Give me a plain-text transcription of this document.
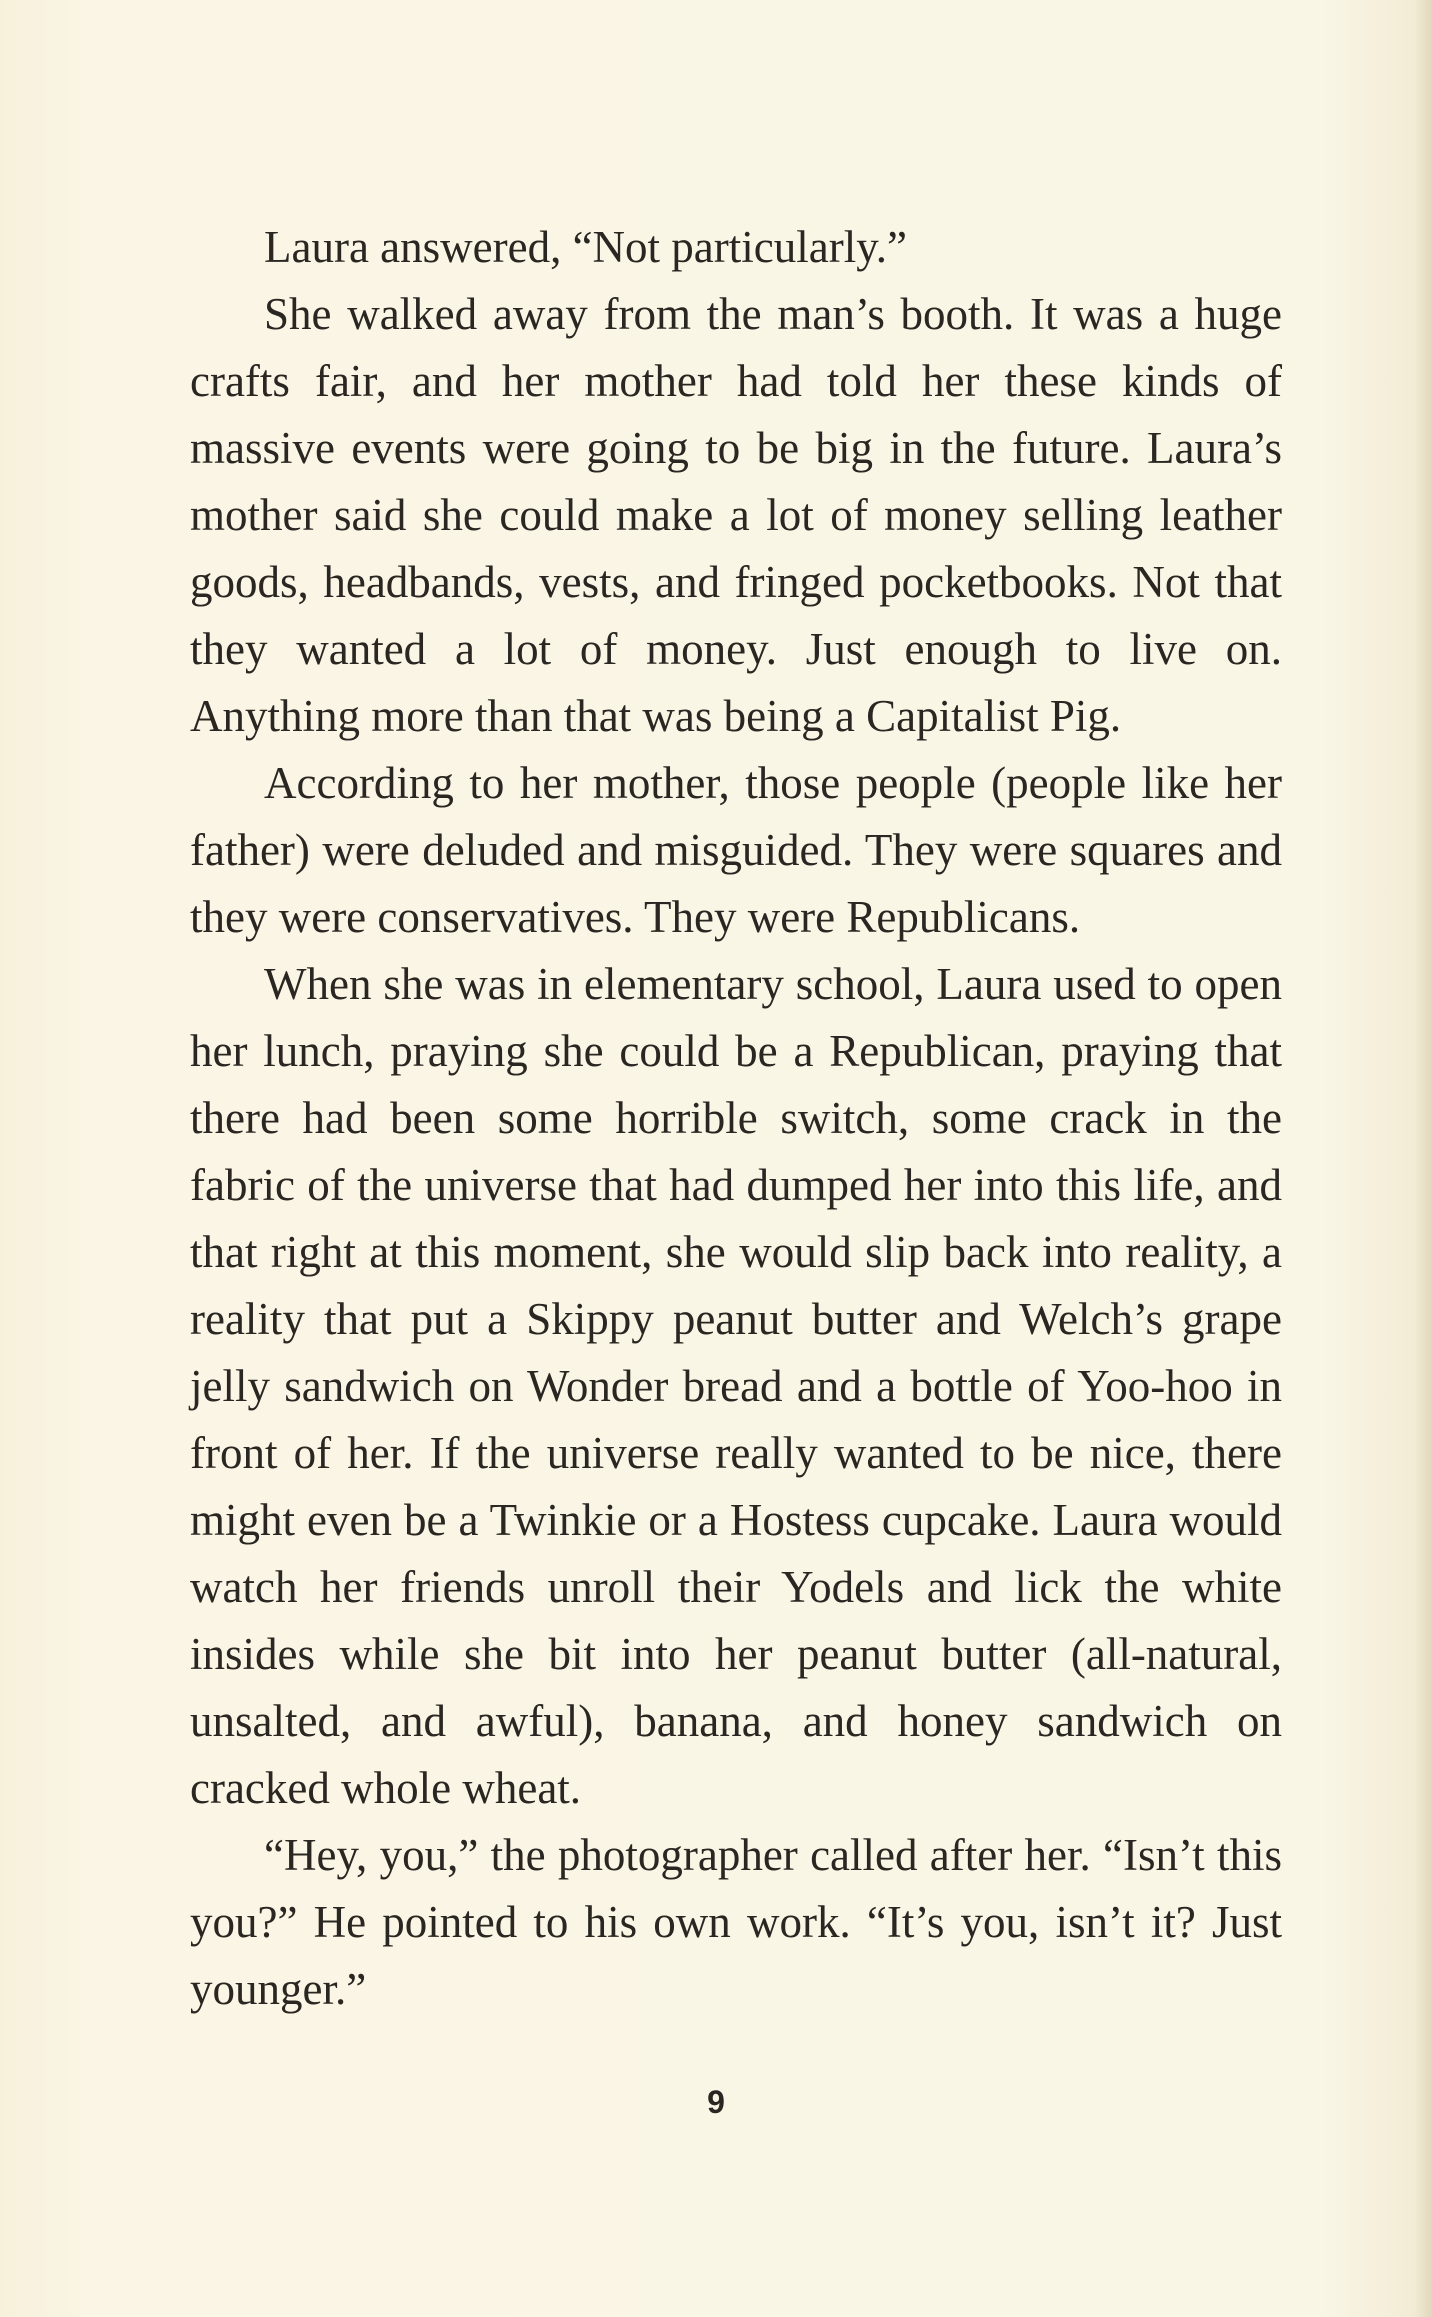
Laura answered, “Not particularly.”

She walked away from the man’s booth. It was a huge crafts fair, and her mother had told her these kinds of massive events were going to be big in the future. Laura’s mother said she could make a lot of money selling leather goods, headbands, vests, and fringed pocketbooks. Not that they wanted a lot of money. Just enough to live on. Anything more than that was being a Capitalist Pig.

According to her mother, those people (people like her father) were deluded and misguided. They were squares and they were conservatives. They were Republicans.

When she was in elementary school, Laura used to open her lunch, praying she could be a Republican, praying that there had been some horrible switch, some crack in the fabric of the universe that had dumped her into this life, and that right at this moment, she would slip back into reality, a reality that put a Skippy peanut butter and Welch’s grape jelly sandwich on Wonder bread and a bottle of Yoo-hoo in front of her. If the universe really wanted to be nice, there might even be a Twinkie or a Hostess cupcake. Laura would watch her friends unroll their Yodels and lick the white insides while she bit into her peanut butter (all-natural, unsalted, and awful), banana, and honey sandwich on cracked whole wheat.

“Hey, you,” the photographer called after her. “Isn’t this you?” He pointed to his own work. “It’s you, isn’t it? Just younger.”

9
